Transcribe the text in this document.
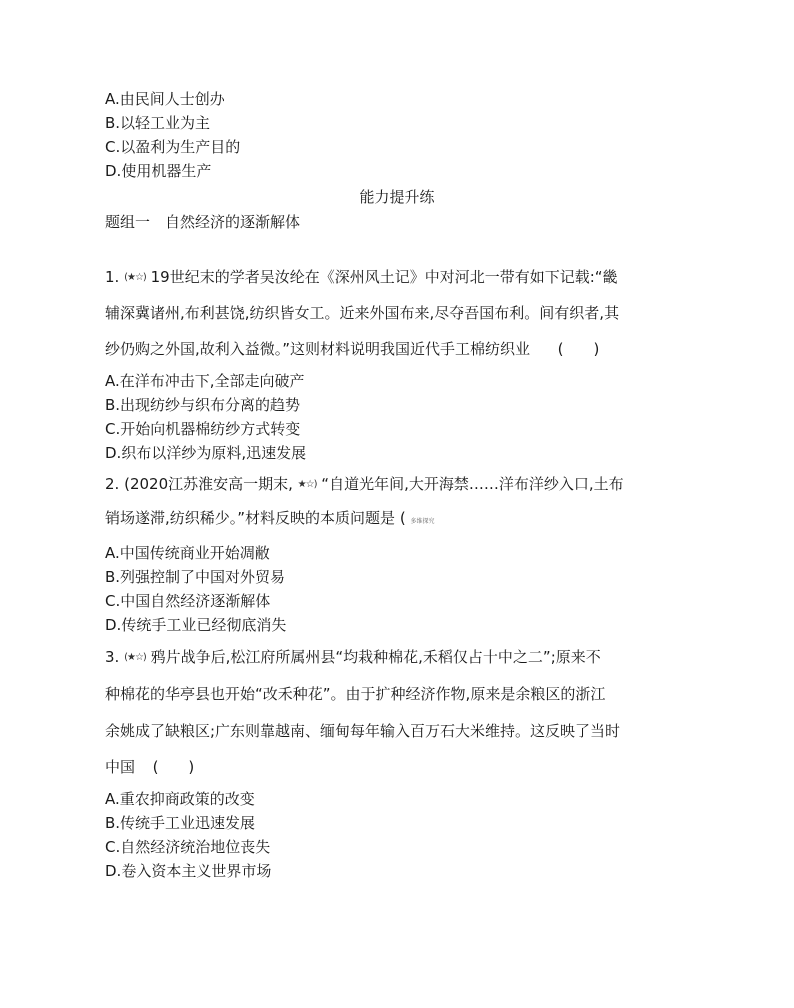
A.由民间人士创办
B.以轻工业为主
C.以盈利为生产目的
D.使用机器生产
能力提升练
题组一　自然经济的逐渐解体
1. (★☆) 19世纪末的学者吴汝纶在《深州风土记》中对河北一带有如下记载:“畿
辅深冀诸州,布利甚饶,纺织皆女工。近来外国布来,尽夺吾国布利。间有织者,其
纱仍购之外国,故利入益微。”这则材料说明我国近代手工棉纺织业 (　　)
A.在洋布冲击下,全部走向破产
B.出现纺纱与织布分离的趋势
C.开始向机器棉纺纱方式转变
D.织布以洋纱为原料,迅速发展
2. (2020江苏淮安高一期末, ★☆) “自道光年间,大开海禁……洋布洋纱入口,土布
销场遂滞,纺织稀少。”材料反映的本质问题是 ( 多维探究
A.中国传统商业开始凋敝
B.列强控制了中国对外贸易
C.中国自然经济逐渐解体
D.传统手工业已经彻底消失
3. (★☆) 鸦片战争后,松江府所属州县“均栽种棉花,禾稻仅占十中之二”;原来不
种棉花的华亭县也开始“改禾种花”。由于扩种经济作物,原来是余粮区的浙江
余姚成了缺粮区;广东则靠越南、缅甸每年输入百万石大米维持。这反映了当时
中国 (　　)
A.重农抑商政策的改变
B.传统手工业迅速发展
C.自然经济统治地位丧失
D.卷入资本主义世界市场
